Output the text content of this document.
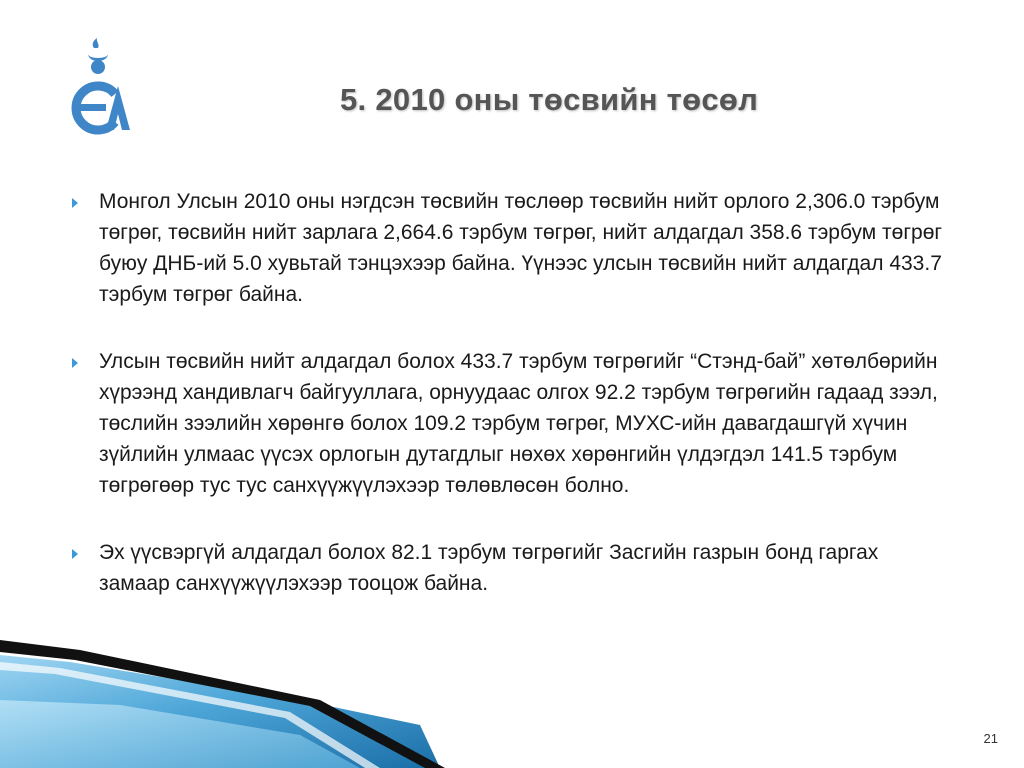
5. 2010 оны төсвийн төсөл
Монгол Улсын 2010 оны нэгдсэн төсвийн төслөөр төсвийн нийт орлого 2,306.0 тэрбум төгрөг, төсвийн нийт зарлага 2,664.6 тэрбум төгрөг, нийт алдагдал 358.6 тэрбум төгрөг буюу ДНБ-ий 5.0 хувьтай тэнцэхээр байна. Үүнээс улсын төсвийн нийт алдагдал 433.7 тэрбум төгрөг байна.
Улсын төсвийн нийт алдагдал болох 433.7 тэрбум төгрөгийг “Стэнд-бай” хөтөлбөрийн хүрээнд хандивлагч байгууллага, орнуудаас олгох 92.2 тэрбум төгрөгийн гадаад зээл, төслийн зээлийн хөрөнгө болох 109.2 тэрбум төгрөг, МУХС-ийн давагдашгүй хүчин зүйлийн улмаас үүсэх орлогын дутагдлыг нөхөх хөрөнгийн үлдэгдэл 141.5 тэрбум төгрөгөөр тус тус санхүүжүүлэхээр төлөвлөсөн болно.
Эх үүсвэргүй алдагдал болох 82.1 тэрбум төгрөгийг Засгийн газрын бонд гаргах замаар санхүүжүүлэхээр тооцож байна.
21
